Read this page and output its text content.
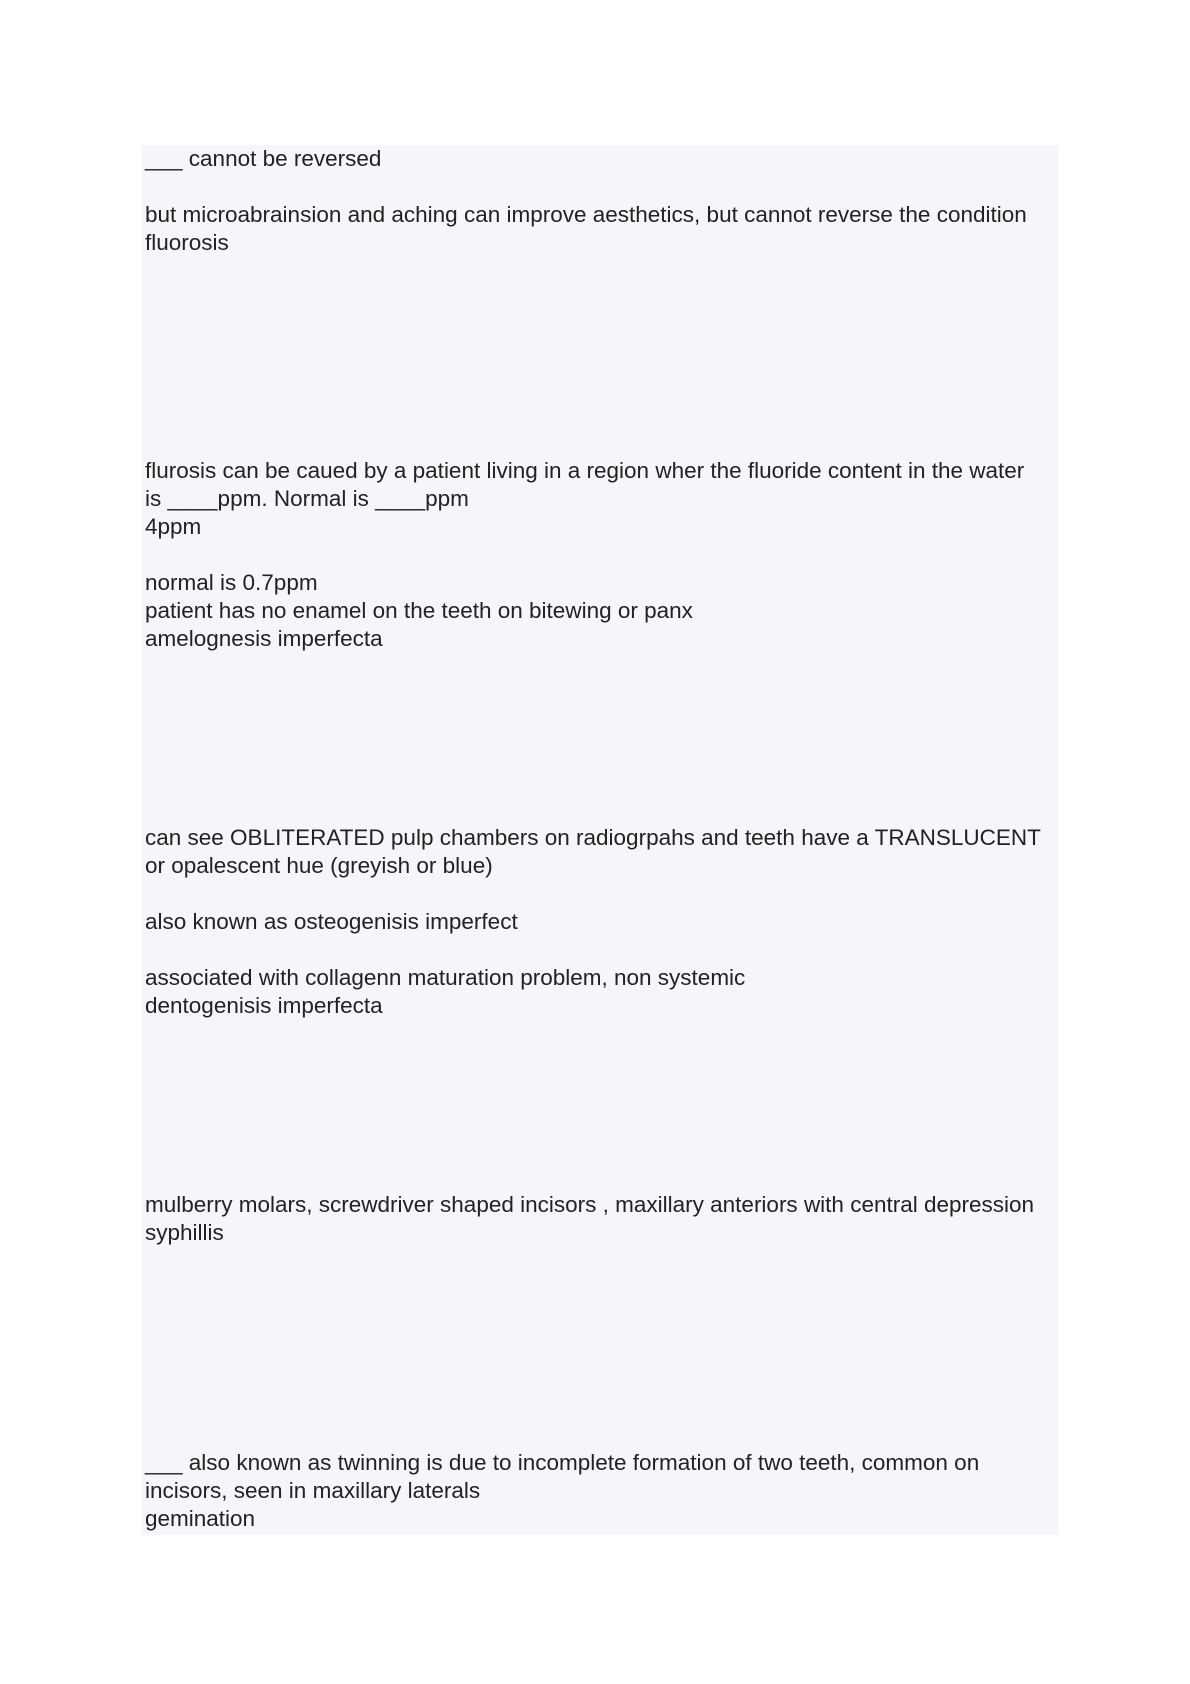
___ cannot be reversed

but microabrainsion and aching can improve aesthetics, but cannot reverse the condition

fluorosis

flurosis can be caued by a patient living in a region wher the fluoride content in the water is ____ppm. Normal is ____ppm

4ppm

normal is 0.7ppm

patient has no enamel on the teeth on bitewing or panx

amelognesis imperfecta

can see OBLITERATED pulp chambers on radiogrpahs and teeth have a TRANSLUCENT or opalescent hue (greyish or blue)

also known as osteogenisis imperfect

associated with collagenn maturation problem, non systemic

dentogenisis imperfecta

mulberry molars, screwdriver shaped incisors , maxillary anteriors with central depression

syphillis

___ also known as twinning is due to incomplete formation of two teeth, common on incisors, seen in maxillary laterals

gemination
